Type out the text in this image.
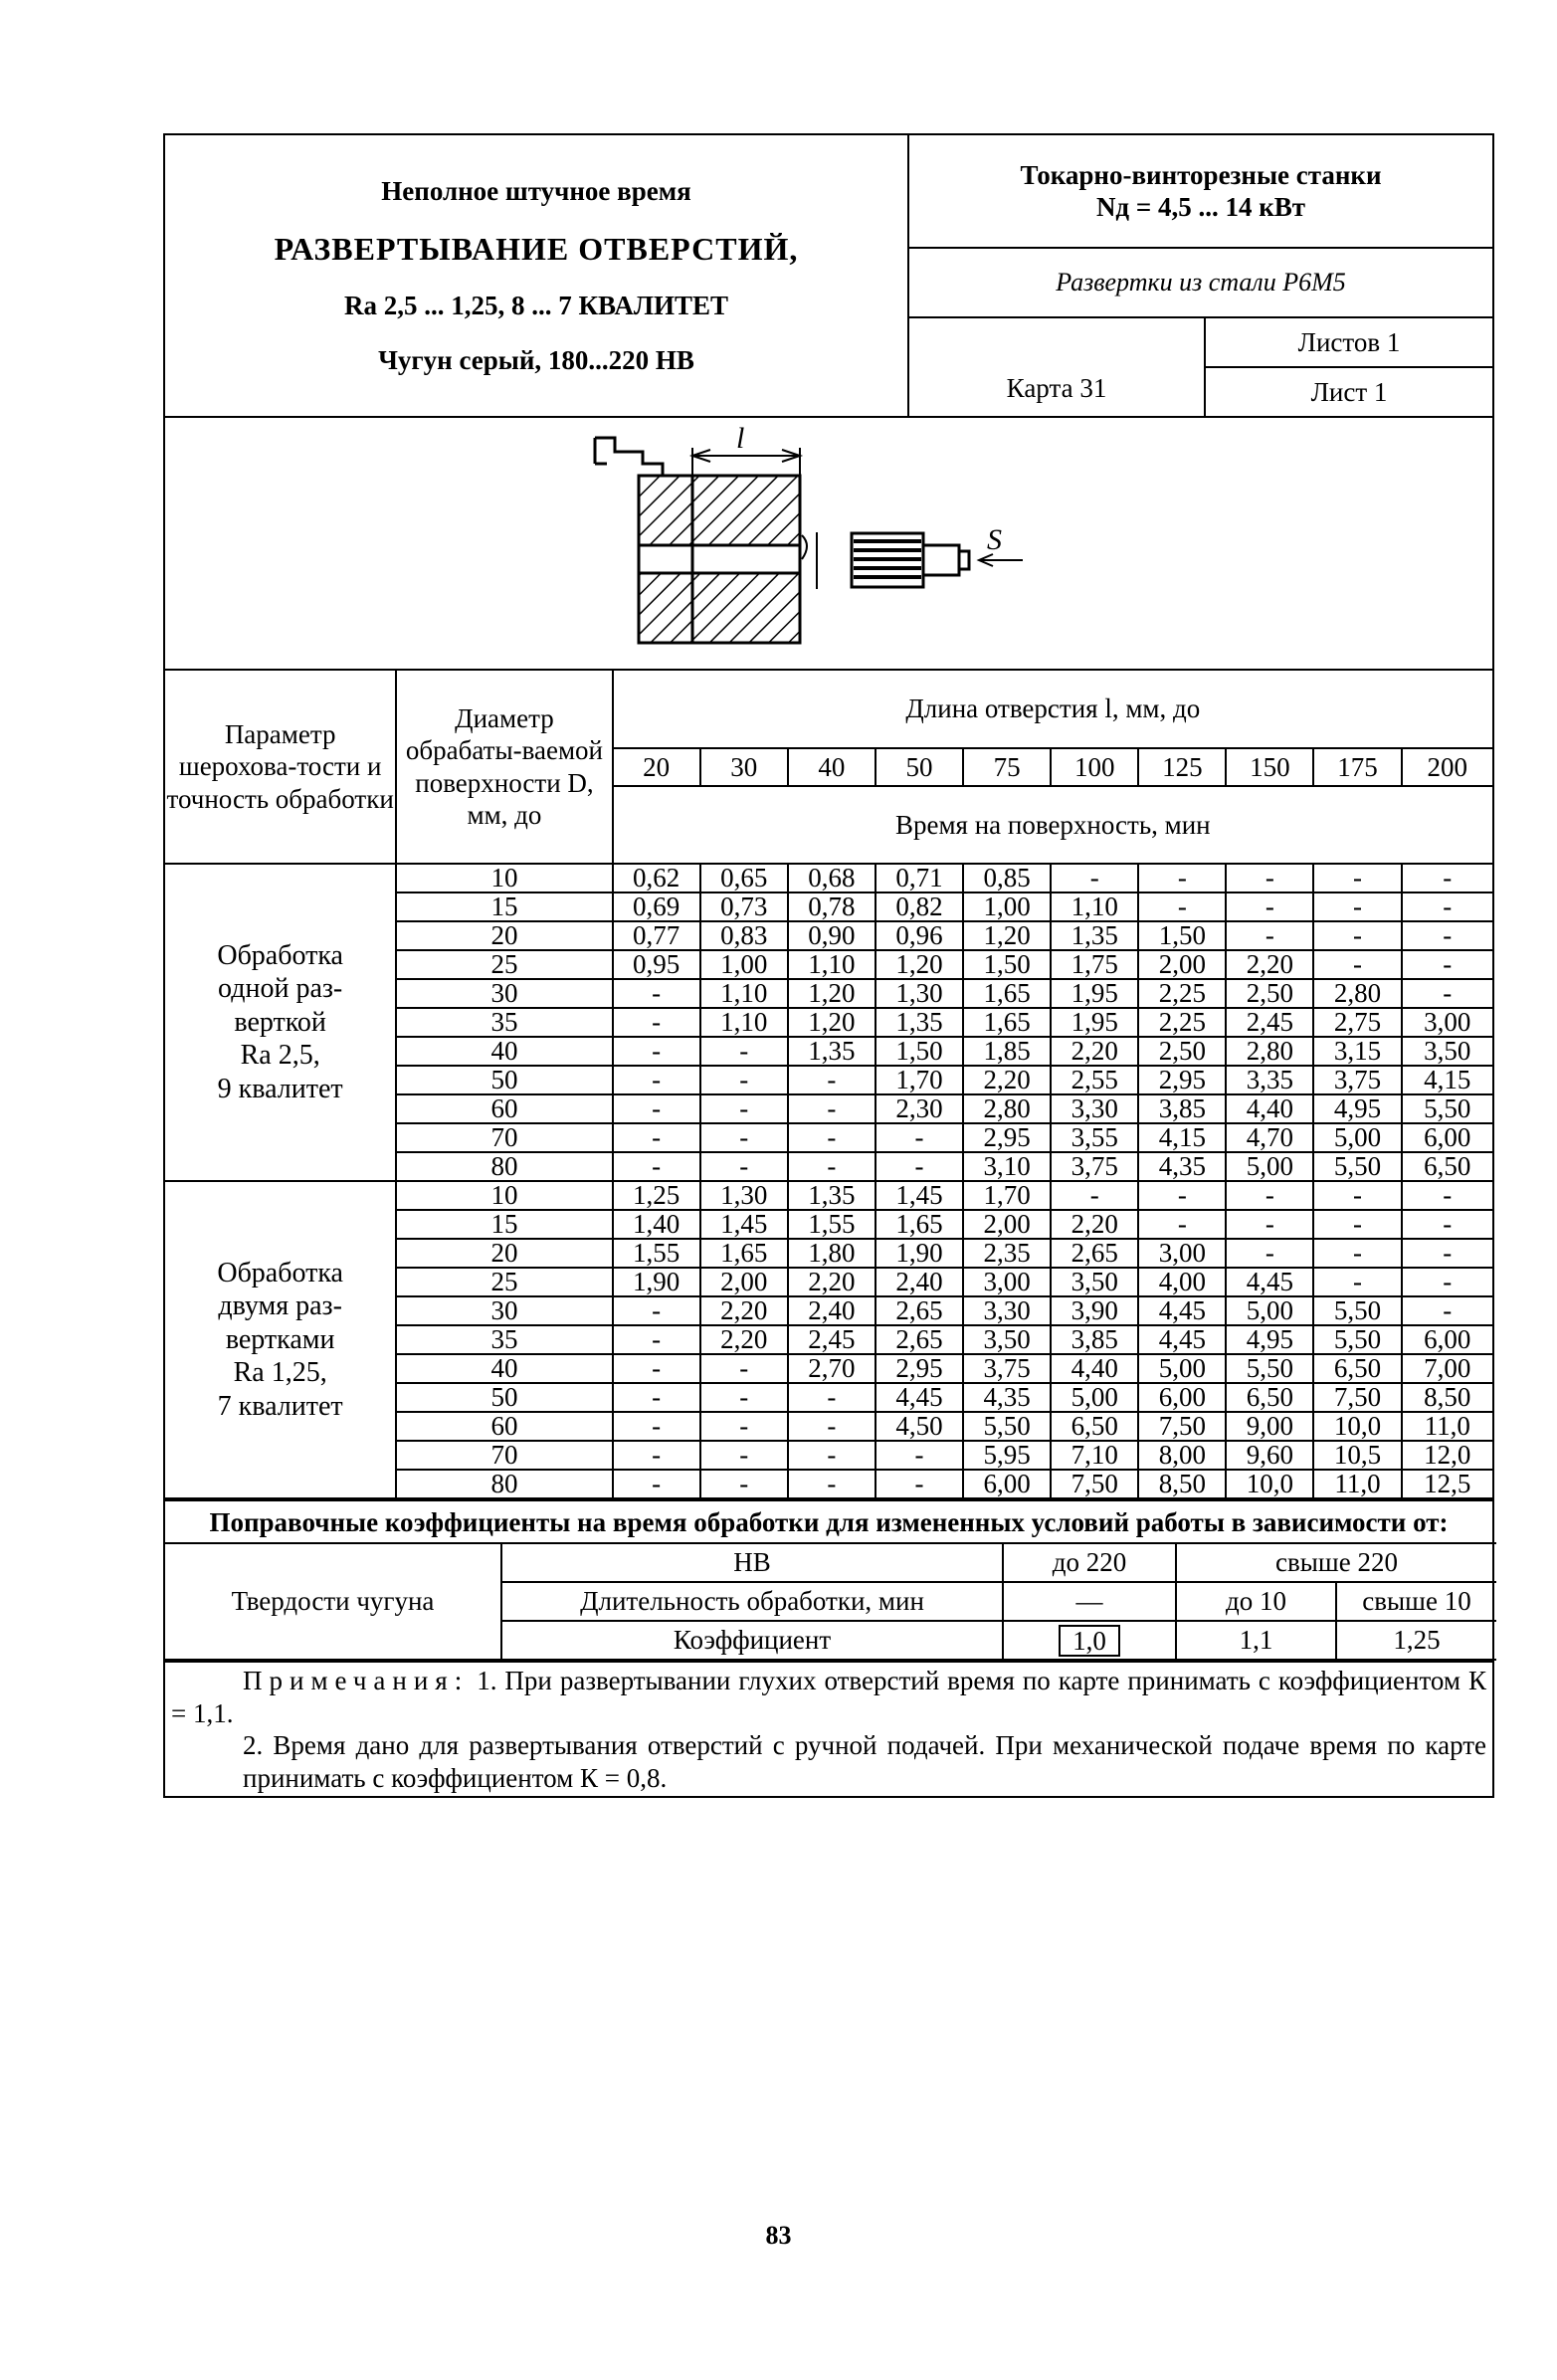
Неполное штучное время
РАЗВЕРТЫВАНИЕ ОТВЕРСТИЙ,
Ra 2,5 ... 1,25, 8 ... 7 КВАЛИТЕТ
Чугун серый, 180...220 НВ
Токарно-винторезные станки
Nд = 4,5 ... 14 кВт
Развертки из стали Р6М5
Карта 31
Листов 1
Лист 1
l
S
Параметр шерохова-тости и точность обработки	Диаметр обрабаты-ваемой поверхности D, мм, до	Длина отверстия l, мм, до									
		20	30	40	50	75	100	125	150	175	200
		Время на поверхность, мин									

Обработка
одной раз-
верткой
Ra 2,5,
9 квалитет	10	0,62	0,65	0,68	0,71	0,85	-	-	-	-	-
	15	0,69	0,73	0,78	0,82	1,00	1,10	-	-	-	-
	20	0,77	0,83	0,90	0,96	1,20	1,35	1,50	-	-	-
	25	0,95	1,00	1,10	1,20	1,50	1,75	2,00	2,20	-	-
	30	-	1,10	1,20	1,30	1,65	1,95	2,25	2,50	2,80	-
	35	-	1,10	1,20	1,35	1,65	1,95	2,25	2,45	2,75	3,00
	40	-	-	1,35	1,50	1,85	2,20	2,50	2,80	3,15	3,50
	50	-	-	-	1,70	2,20	2,55	2,95	3,35	3,75	4,15
	60	-	-	-	2,30	2,80	3,30	3,85	4,40	4,95	5,50
	70	-	-	-	-	2,95	3,55	4,15	4,70	5,00	6,00
	80	-	-	-	-	3,10	3,75	4,35	5,00	5,50	6,50

Обработка
двумя раз-
вертками
Ra 1,25,
7 квалитет	10	1,25	1,30	1,35	1,45	1,70	-	-	-	-	-
	15	1,40	1,45	1,55	1,65	2,00	2,20	-	-	-	-
	20	1,55	1,65	1,80	1,90	2,35	2,65	3,00	-	-	-
	25	1,90	2,00	2,20	2,40	3,00	3,50	4,00	4,45	-	-
	30	-	2,20	2,40	2,65	3,30	3,90	4,45	5,00	5,50	-
	35	-	2,20	2,45	2,65	3,50	3,85	4,45	4,95	5,50	6,00
	40	-	-	2,70	2,95	3,75	4,40	5,00	5,50	6,50	7,00
	50	-	-	-	4,45	4,35	5,00	6,00	6,50	7,50	8,50
	60	-	-	-	4,50	5,50	6,50	7,50	9,00	10,0	11,0
	70	-	-	-	-	5,95	7,10	8,00	9,60	10,5	12,0
	80	-	-	-	-	6,00	7,50	8,50	10,0	11,0	12,5
Поправочные коэффициенты на время обработки для измененных условий работы в зависимости от:
Твердости чугуна	НВ	до 220	свыше 220	
	Длительность обработки, мин	—	до 10	свыше 10
	Коэффициент	1,0	1,1	1,25
Примечания: 1. При развертывании глухих отверстий время по карте принимать с коэффициентом К = 1,1.
2. Время дано для развертывания отверстий с ручной подачей. При механической подаче время по карте принимать с коэффициентом К = 0,8.
83
